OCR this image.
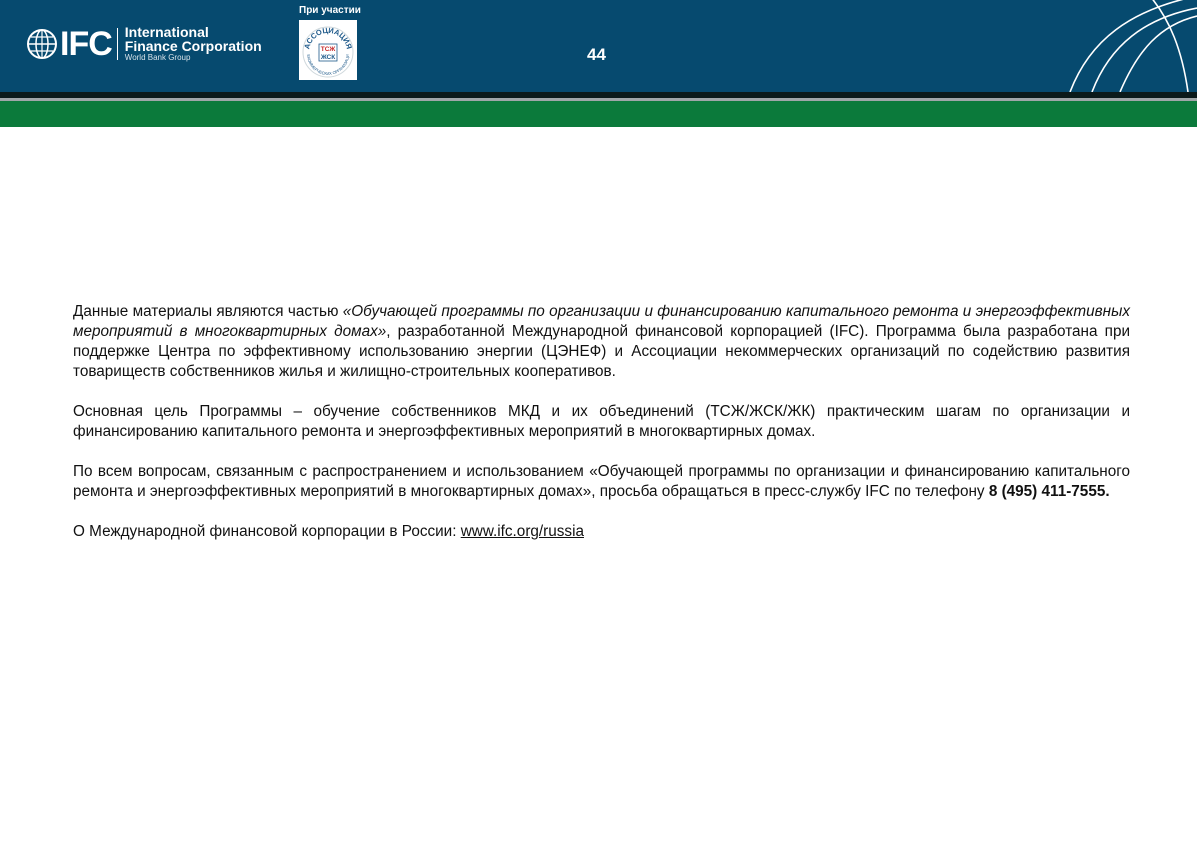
IFC International
Finance Corporation
World Bank Group
При участии
АССОЦИАЦИЯ
ЕКОММЕРЧЕСКИХ ОРГАНИЗАЦИ
ТСЖ
ЖСК	44

Данные материалы являются частью «Обучающей программы по организации и финансированию капитального ремонта и энергоэффективных мероприятий в многоквартирных домах», разработанной Международной финансовой корпорацией (IFC). Программа была разработана при поддержке Центра по эффективному использованию энергии (ЦЭНЕФ) и Ассоциации некоммерческих организаций по содействию развития товариществ собственников жилья и жилищно-строительных кооперативов.

Основная цель Программы – обучение собственников МКД и их объединений (ТСЖ/ЖСК/ЖК) практическим шагам по организации и финансированию капитального ремонта и энергоэффективных мероприятий в многоквартирных домах.

По всем вопросам, связанным с распространением и использованием «Обучающей программы по организации и финансированию капитального ремонта и энергоэффективных мероприятий в многоквартирных домах», просьба обращаться в пресс-службу IFC по телефону 8 (495) 411-7555.

О Международной финансовой корпорации в России: www.ifc.org/russia
